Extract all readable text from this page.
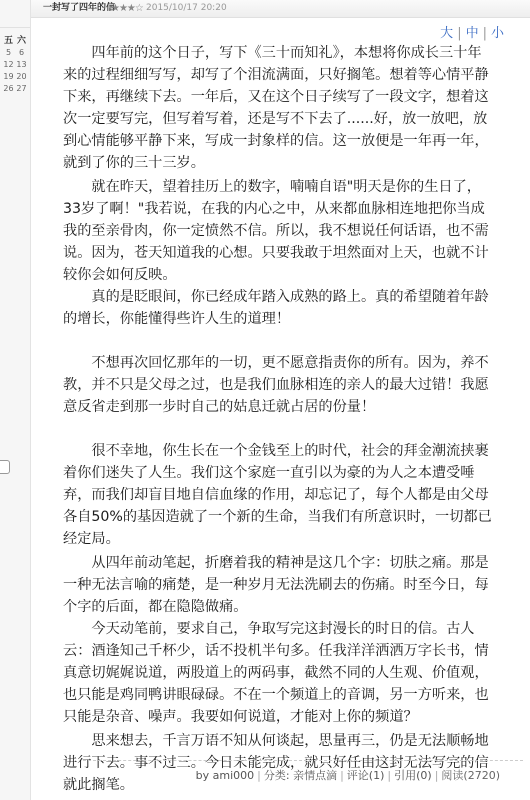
五 六
5 6
12 13
19 20
26 27
一封写了四年的信
★★★☆ 2015/10/17 20:20
大 | 中 | 小

四年前的这个日子，写下《三十而知礼》，本想将你成长三十年来的过程细细写写，却写了个泪流满面，只好搁笔。想着等心情平静下来，再继续下去。一年后，又在这个日子续写了一段文字，想着这次一定要写完，但写着写着，还是写不下去了......好，放一放吧，放到心情能够平静下来，写成一封象样的信。这一放便是一年再一年，就到了你的三十三岁。

就在昨天，望着挂历上的数字，喃喃自语"明天是你的生日了，33岁了啊！"我若说，在我的内心之中，从来都血脉相连地把你当成我的至亲骨肉，你一定愤然不信。所以，我不想说任何话语，也不需说。因为，苍天知道我的心想。只要我敢于坦然面对上天，也就不计较你会如何反映。

真的是眨眼间，你已经成年踏入成熟的路上。真的希望随着年龄的增长，你能懂得些许人生的道理！

不想再次回忆那年的一切，更不愿意指责你的所有。因为，养不教，并不只是父母之过，也是我们血脉相连的亲人的最大过错！我愿意反省走到那一步时自己的姑息迁就占居的份量！

很不幸地，你生长在一个金钱至上的时代，社会的拜金潮流挟裹着你们迷失了人生。我们这个家庭一直引以为豪的为人之本遭受唾弃，而我们却盲目地自信血缘的作用，却忘记了，每个人都是由父母各自50%的基因造就了一个新的生命，当我们有所意识时，一切都已经定局。

从四年前动笔起，折磨着我的精神是这几个字：切肤之痛。那是一种无法言喻的痛楚，是一种岁月无法洗刷去的伤痛。时至今日，每个字的后面，都在隐隐做痛。

今天动笔前，要求自己，争取写完这封漫长的时日的信。古人云：酒逢知己千杯少，话不投机半句多。任我洋洋洒洒万字长书，情真意切娓娓说道，两股道上的两码事，截然不同的人生观、价值观，也只能是鸡同鸭讲眼碌碌。不在一个频道上的音调，另一方听来，也只能是杂音、噪声。我要如何说道，才能对上你的频道？

思来想去，千言万语不知从何谈起，思量再三，仍是无法顺畅地进行下去。事不过三。今日未能完成，就只好任由这封无法写完的信就此搁笔。

by ami000 | 分类: 亲情点滴 | 评论(1) | 引用(0) | 阅读(2720)
